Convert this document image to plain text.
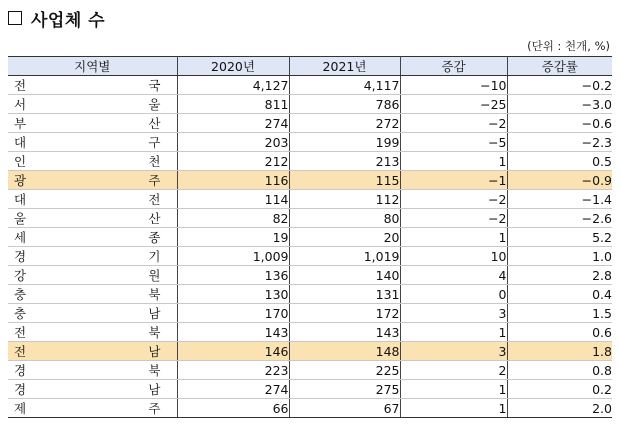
사업체 수
(단위 : 천개, %)
지역별	2020년	2021년	증감	증감률

전 국	4,127	4,117	−10	−0.2

서 울	811	786	−25	−3.0

부 산	274	272	−2	−0.6

대 구	203	199	−5	−2.3

인 천	212	213	1	0.5

광 주	116	115	−1	−0.9

대 전	114	112	−2	−1.4

울 산	82	80	−2	−2.6

세 종	19	20	1	5.2

경 기	1,009	1,019	10	1.0

강 원	136	140	4	2.8

충 북	130	131	0	0.4

충 남	170	172	3	1.5

전 북	143	143	1	0.6

전 남	146	148	3	1.8

경 북	223	225	2	0.8

경 남	274	275	1	0.2

제 주	66	67	1	2.0
